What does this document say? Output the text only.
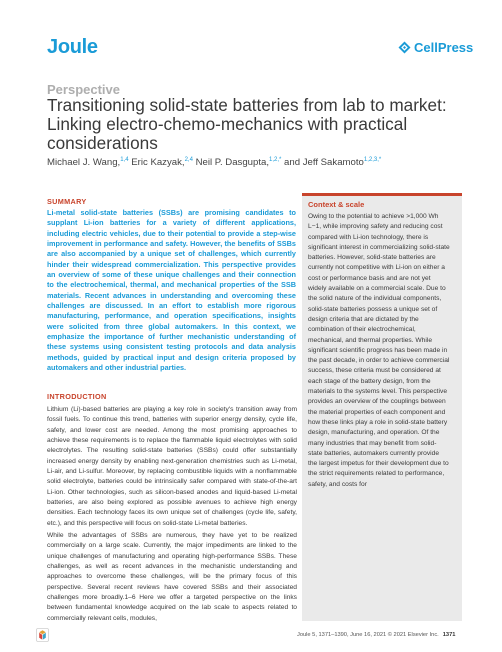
Joule	CellPress
Perspective
Transitioning solid-state batteries from lab to market: Linking electro-chemo-mechanics with practical considerations
Michael J. Wang,$^{1,4}$ Eric Kazyak,$^{2,4}$ Neil P. Dasgupta,$^{1,2,*}$ and Jeff Sakamoto$^{1,2,3,*}$
SUMMARY

Li-metal solid-state batteries (SSBs) are promising candidates to supplant Li-ion batteries for a variety of different applications, including electric vehicles, due to their potential to provide a step-wise improvement in performance and safety. However, the benefits of SSBs are also accompanied by a unique set of challenges, which currently hinder their widespread commercialization. This perspective provides an overview of some of these unique challenges and their connection to the electrochemical, thermal, and mechanical properties of the SSB materials. Recent advances in understanding and overcoming these challenges are discussed. In an effort to establish more rigorous manufacturing, performance, and operation specifications, insights were solicited from three global automakers. In this context, we emphasize the importance of further mechanistic understanding of these systems using consistent testing protocols and data analysis methods, guided by practical input and design criteria proposed by automakers and other industrial parties.

INTRODUCTION

Lithium (Li)-based batteries are playing a key role in society's transition away from fossil fuels. To continue this trend, batteries with superior energy density, cycle life, safety, and lower cost are needed. Among the most promising approaches to achieve these requirements is to replace the flammable liquid electrolytes with solid electrolytes. The resulting solid-state batteries (SSBs) could offer substantially increased energy density by enabling next-generation chemistries such as Li-metal, Li-air, and Li-sulfur. Moreover, by replacing combustible liquids with a nonflammable solid electrolyte, batteries could be intrinsically safer compared with state-of-the-art Li-ion. Other technologies, such as silicon-based anodes and liquid-based Li-metal batteries, are also being explored as possible avenues to achieve high energy densities. Each technology faces its own unique set of challenges (cycle life, safety, etc.), and this perspective will focus on solid-state Li-metal batteries.

While the advantages of SSBs are numerous, they have yet to be realized commercially on a large scale. Currently, the major impediments are linked to the unique challenges of manufacturing and operating high-performance SSBs. These challenges, as well as recent advances in the mechanistic understanding and approaches to overcome these challenges, will be the primary focus of this perspective. Several recent reviews have covered SSBs and their associated challenges more broadly.1–6 Here we offer a targeted perspective on the links between fundamental knowledge acquired on the lab scale to aspects related to commercially relevant cells, modules,

Context & scale

Owing to the potential to achieve >1,000 Wh L−1, while improving safety and reducing cost compared with Li-ion technology, there is significant interest in commercializing solid-state batteries. However, solid-state batteries are currently not competitive with Li-ion on either a cost or performance basis and are not yet widely available on a commercial scale. Due to the solid nature of the individual components, solid-state batteries possess a unique set of design criteria that are dictated by the combination of their electrochemical, mechanical, and thermal properties. While significant scientific progress has been made in the past decade, in order to achieve commercial success, these criteria must be considered at each stage of the battery design, from the materials to the systems level. This perspective provides an overview of the couplings between the material properties of each component and how these links play a role in solid-state battery design, manufacturing, and operation. Of the many industries that may benefit from solid-state batteries, automakers currently provide the largest impetus for their development due to the strict requirements related to performance, safety, and costs for

Joule 5, 1371–1390, June 16, 2021 © 2021 Elsevier Inc. 1371
